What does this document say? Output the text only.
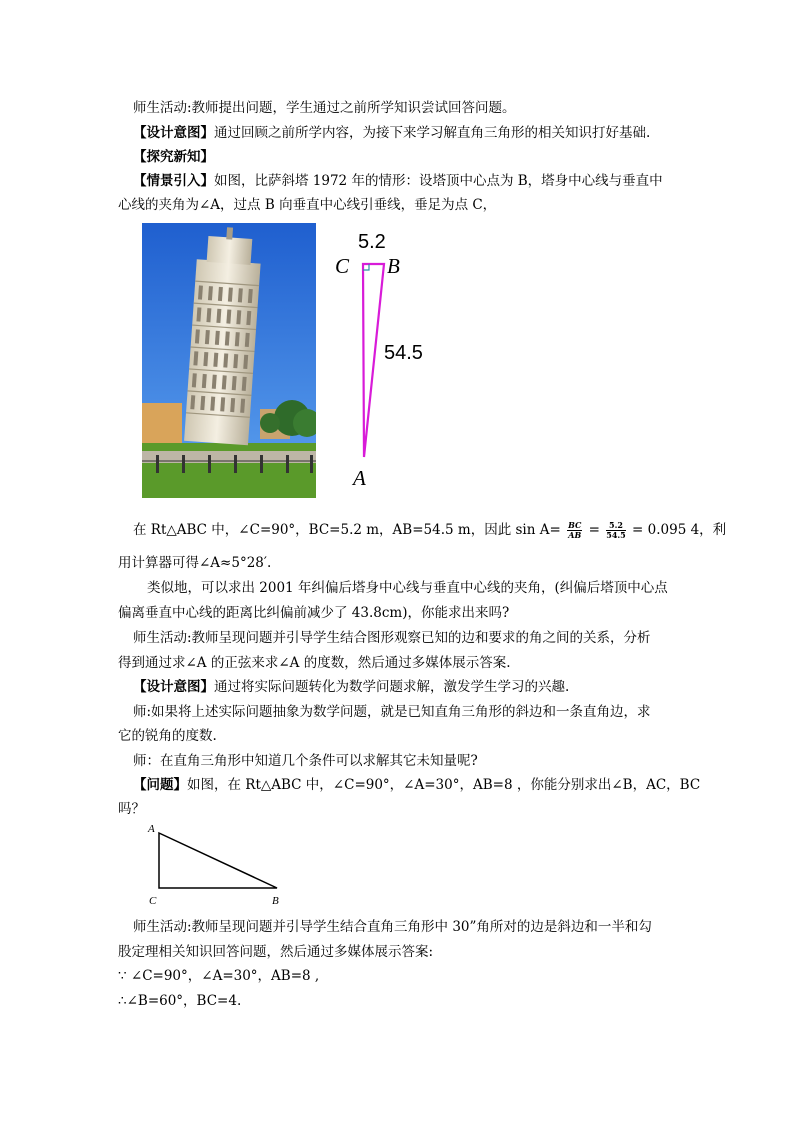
师生活动:教师提出问题，学生通过之前所学知识尝试回答问题。
【设计意图】通过回顾之前所学内容，为接下来学习解直角三角形的相关知识打好基础.
【探究新知】
【情景引入】如图，比萨斜塔 1972 年的情形：设塔顶中心点为 B，塔身中心线与垂直中
心线的夹角为∠A，过点 B 向垂直中心线引垂线，垂足为点 C，
5.2
C B
54.5
A
在 Rt△ABC 中，∠C=90°，BC=5.2 m，AB=54.5 m，因此 $\sin A= \frac{BC}{AB} = \frac{5.2}{54.5} = 0.095$ 4，利
用计算器可得∠A≈5°28′.
类似地，可以求出 2001 年纠偏后塔身中心线与垂直中心线的夹角，(纠偏后塔顶中心点
偏离垂直中心线的距离比纠偏前减少了 43.8cm)，你能求出来吗?
师生活动:教师呈现问题并引导学生结合图形观察已知的边和要求的角之间的关系，分析
得到通过求∠A 的正弦来求∠A 的度数，然后通过多媒体展示答案.
【设计意图】通过将实际问题转化为数学问题求解，激发学生学习的兴趣.
师:如果将上述实际问题抽象为数学问题，就是已知直角三角形的斜边和一条直角边，求
它的锐角的度数.
师：在直角三角形中知道几个条件可以求解其它未知量呢?
【问题】如图，在 Rt△ABC 中，∠C=90°，∠A=30°，AB=8 ，你能分别求出∠B，AC，BC
吗？
A
C	B
师生活动:教师呈现问题并引导学生结合直角三角形中 30”角所对的边是斜边和一半和勾
股定理相关知识回答问题，然后通过多媒体展示答案:
∵ ∠C=90°，∠A=30°，AB=8 ,
∴∠B=60°，BC=4.
